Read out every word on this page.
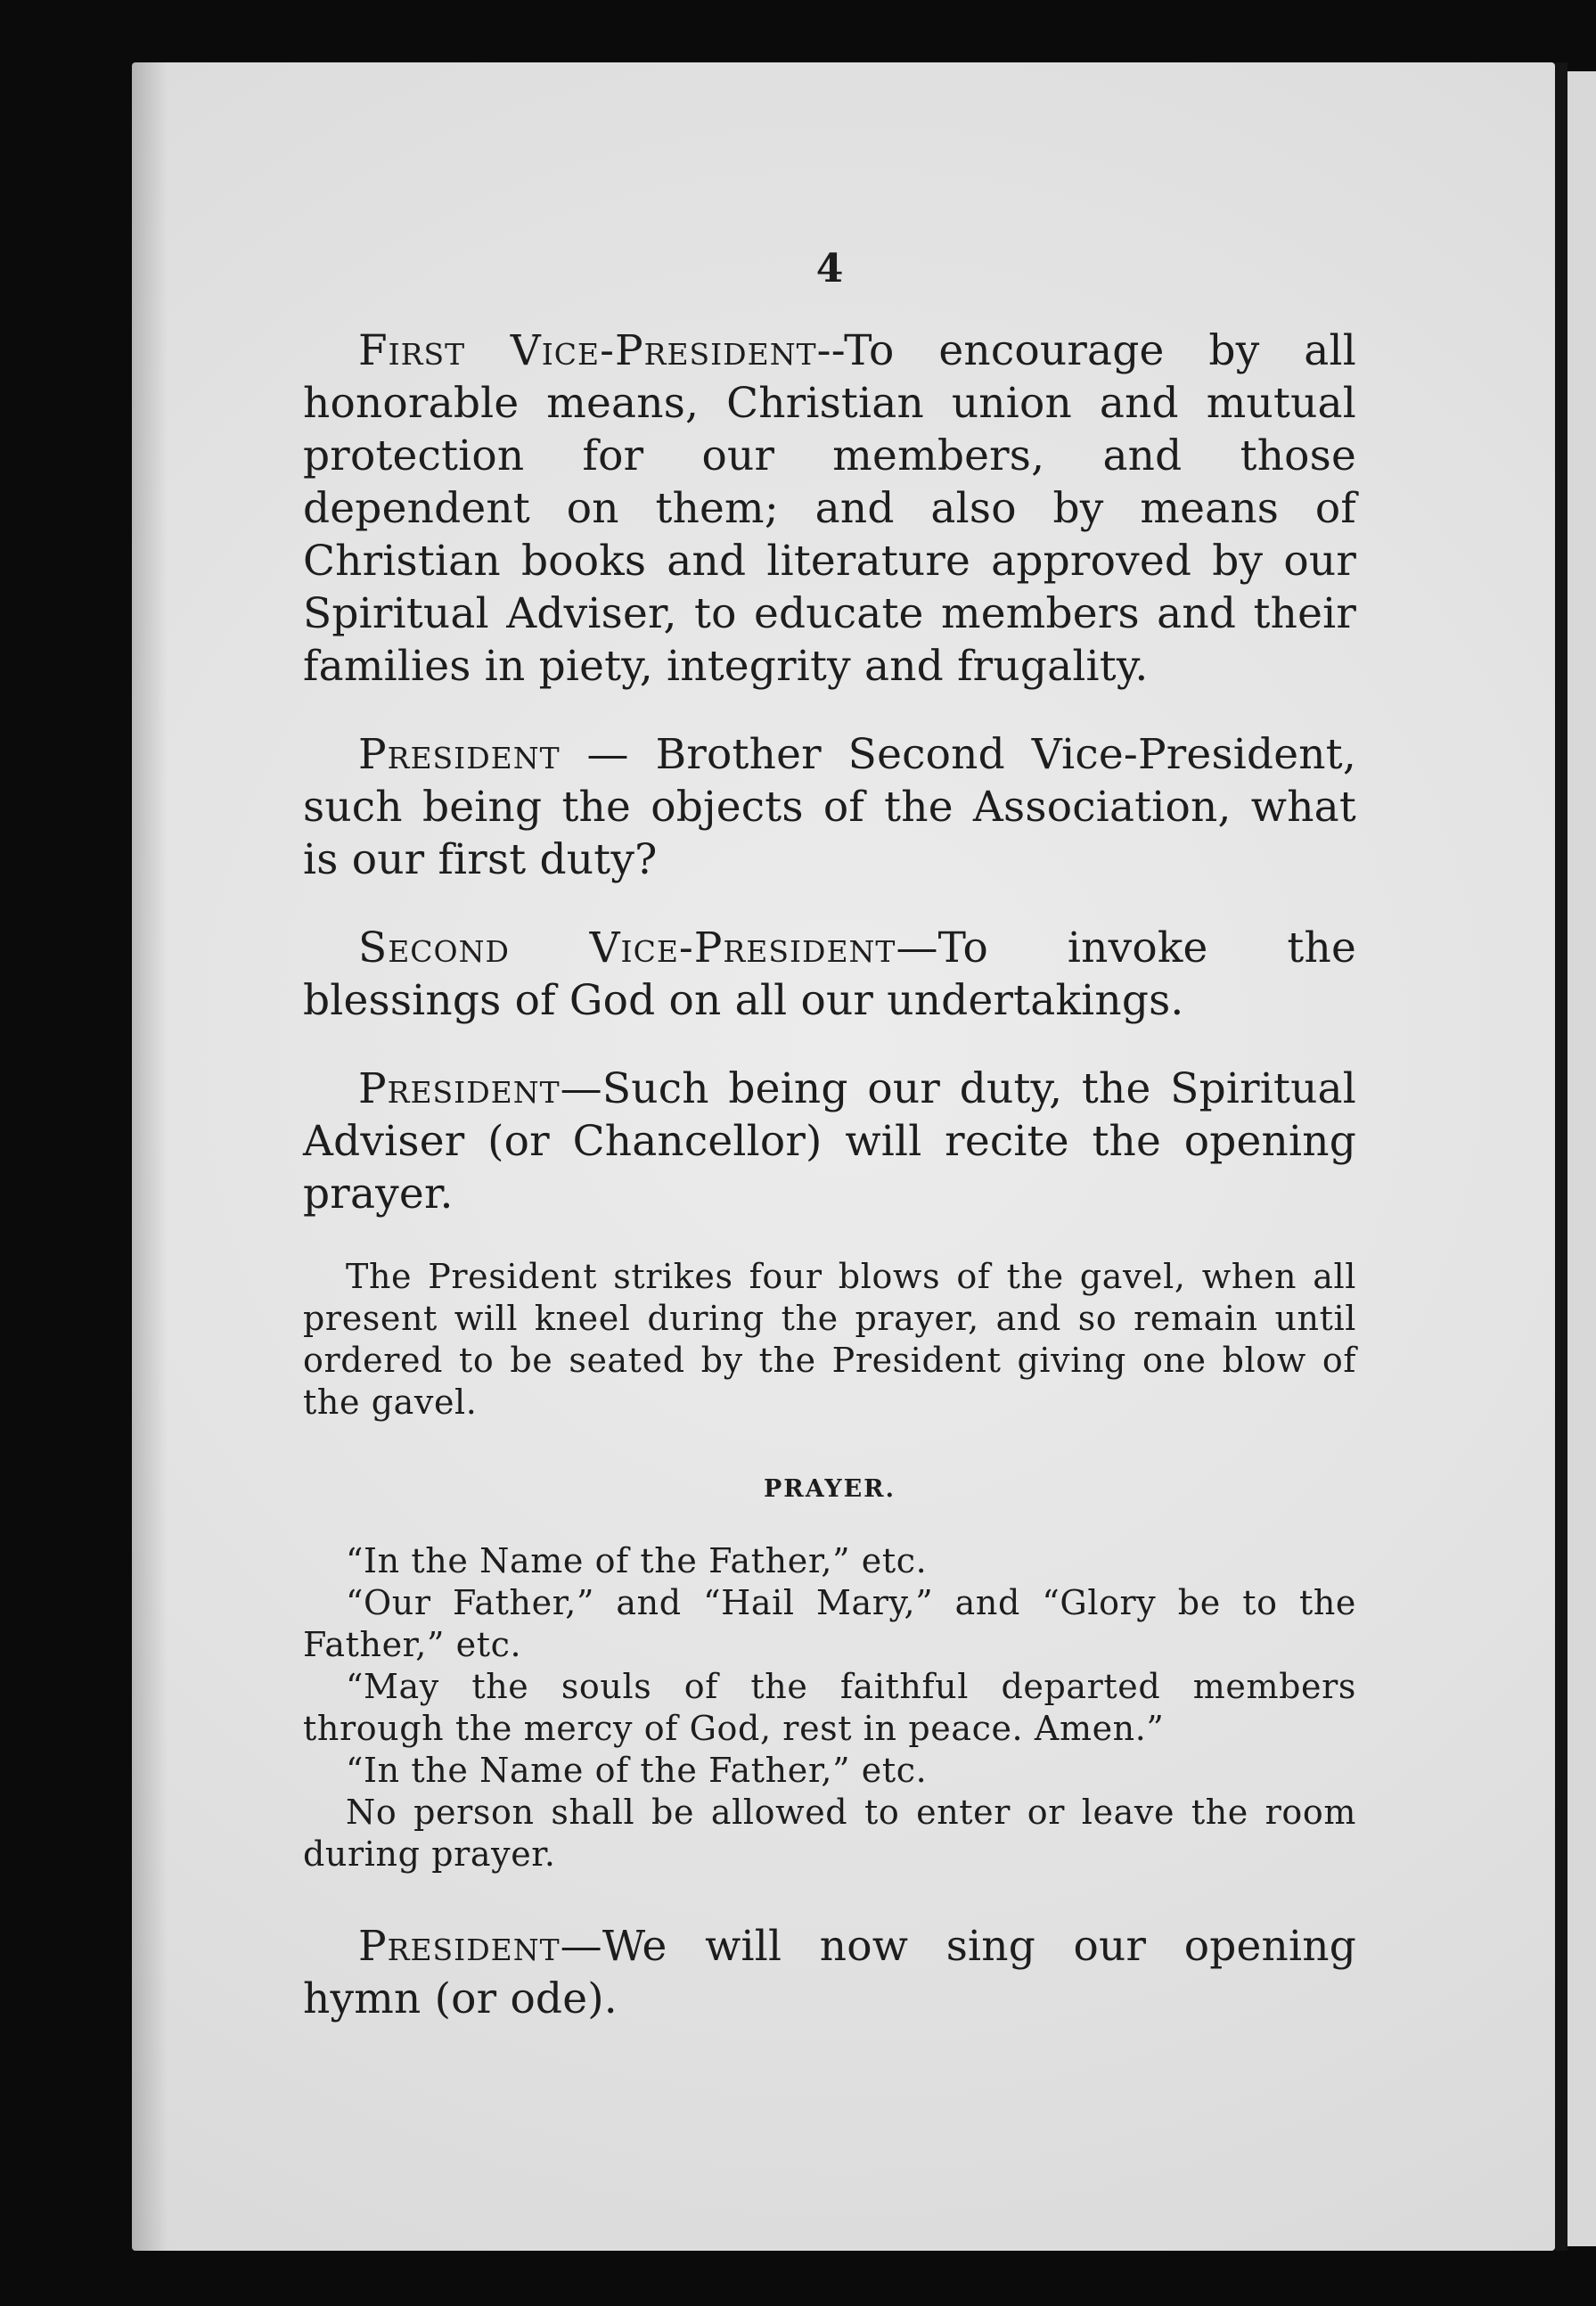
4

First Vice-President--To encourage by all honorable means, Christian union and mutual protection for our members, and those dependent on them; and also by means of Christian books and literature approved by our Spiritual Adviser, to educate members and their families in piety, integrity and frugality.

President — Brother Second Vice-President, such being the objects of the Association, what is our first duty?

Second Vice-President—To invoke the blessings of God on all our undertakings.

President—Such being our duty, the Spiritual Adviser (or Chancellor) will recite the opening prayer.

The President strikes four blows of the gavel, when all present will kneel during the prayer, and so remain until ordered to be seated by the President giving one blow of the gavel.

PRAYER.

“In the Name of the Father,” etc.

“Our Father,” and “Hail Mary,” and “Glory be to the Father,” etc.

“May the souls of the faithful departed members through the mercy of God, rest in peace. Amen.”

“In the Name of the Father,” etc.

No person shall be allowed to enter or leave the room during prayer.

President—We will now sing our opening hymn (or ode).
